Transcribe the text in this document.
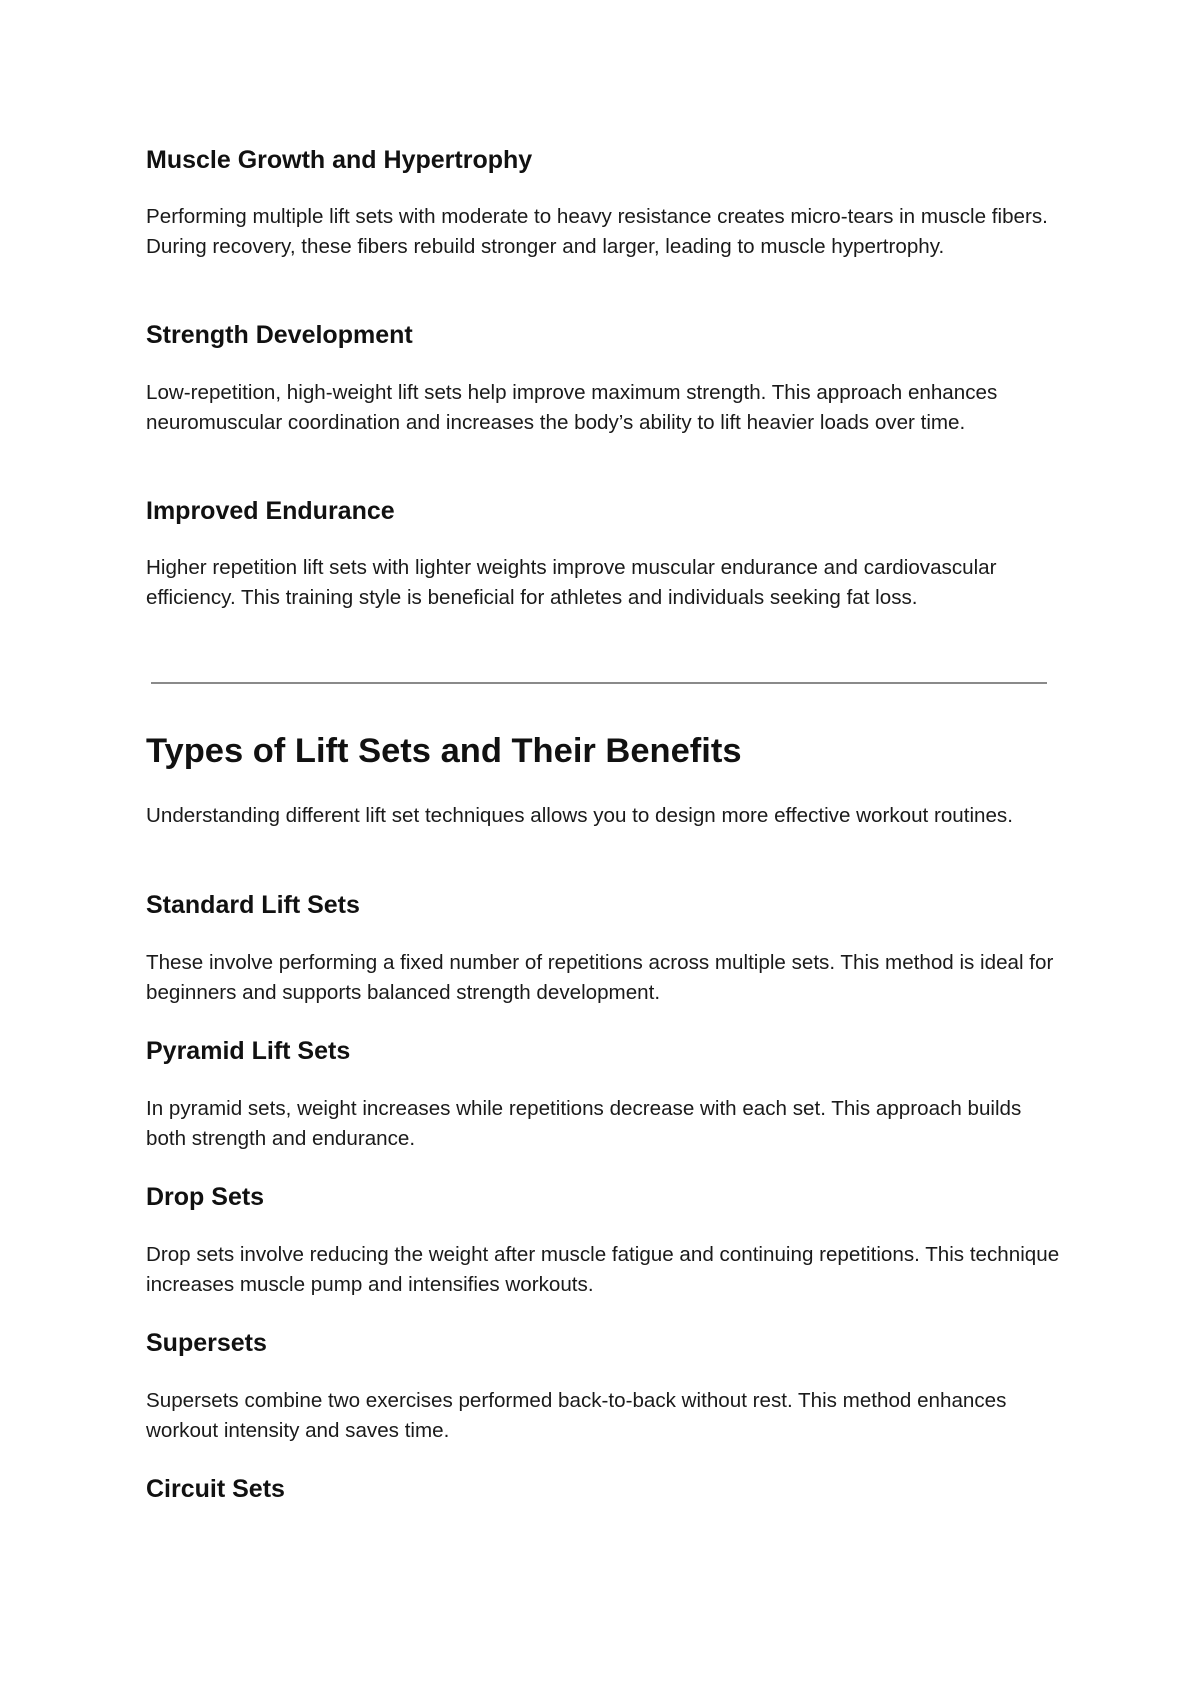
Muscle Growth and Hypertrophy

Performing multiple lift sets with moderate to heavy resistance creates micro-tears in muscle fibers. During recovery, these fibers rebuild stronger and larger, leading to muscle hypertrophy.

Strength Development

Low-repetition, high-weight lift sets help improve maximum strength. This approach enhances neuromuscular coordination and increases the body’s ability to lift heavier loads over time.

Improved Endurance

Higher repetition lift sets with lighter weights improve muscular endurance and cardiovascular efficiency. This training style is beneficial for athletes and individuals seeking fat loss.

Types of Lift Sets and Their Benefits

Understanding different lift set techniques allows you to design more effective workout routines.

Standard Lift Sets

These involve performing a fixed number of repetitions across multiple sets. This method is ideal for beginners and supports balanced strength development.

Pyramid Lift Sets

In pyramid sets, weight increases while repetitions decrease with each set. This approach builds both strength and endurance.

Drop Sets

Drop sets involve reducing the weight after muscle fatigue and continuing repetitions. This technique increases muscle pump and intensifies workouts.

Supersets

Supersets combine two exercises performed back-to-back without rest. This method enhances workout intensity and saves time.

Circuit Sets
